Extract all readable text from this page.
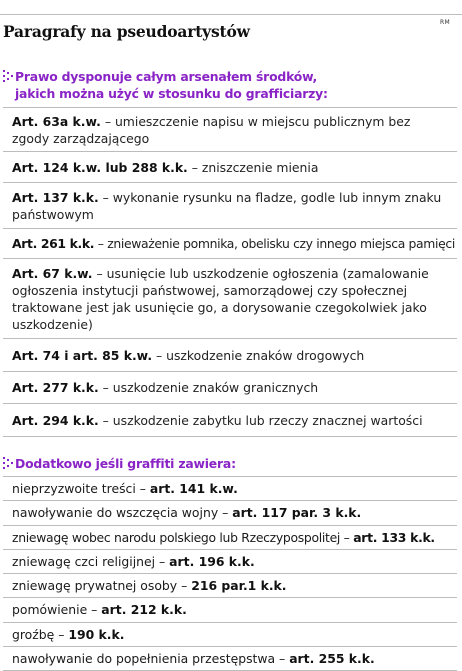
RM
Paragrafy na pseudoartystów
Prawo dysponuje całym arsenałem środków,
jakich można użyć w stosunku do grafficiarzy:
Art. 63a k.w. – umieszczenie napisu w miejscu publicznym bez zgody zarządzającego
Art. 124 k.w. lub 288 k.k. – zniszczenie mienia
Art. 137 k.k. – wykonanie rysunku na fladze, godle lub innym znaku państwowym
Art. 261 k.k. – znieważenie pomnika, obelisku czy innego miejsca pamięci
Art. 67 k.w. – usunięcie lub uszkodzenie ogłoszenia (zamalowanie ogłoszenia instytucji państwowej, samorządowej czy społecznej traktowane jest jak usunięcie go, a dorysowanie czegokolwiek jako uszkodzenie)
Art. 74 i art. 85 k.w. – uszkodzenie znaków drogowych
Art. 277 k.k. – uszkodzenie znaków granicznych
Art. 294 k.k. – uszkodzenie zabytku lub rzeczy znacznej wartości
Dodatkowo jeśli graffiti zawiera:
nieprzyzwoite treści – art. 141 k.w.
nawoływanie do wszczęcia wojny – art. 117 par. 3 k.k.
zniewagę wobec narodu polskiego lub Rzeczypospolitej – art. 133 k.k.
zniewagę czci religijnej – art. 196 k.k.
zniewagę prywatnej osoby – 216 par.1 k.k.
pomówienie – art. 212 k.k.
groźbę – 190 k.k.
nawoływanie do popełnienia przestępstwa – art. 255 k.k.
